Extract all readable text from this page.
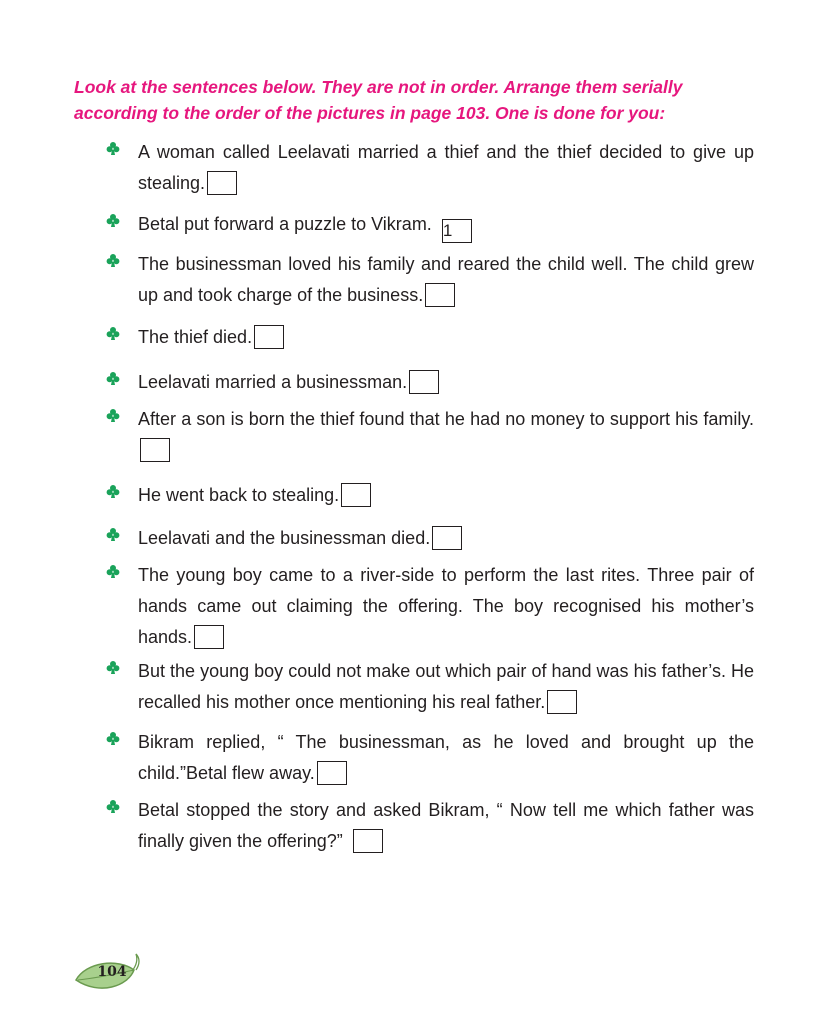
Look at the sentences below. They are not in order. Arrange them serially according to the order of the pictures in page 103. One is done for you:

A woman called Leelavati married a thief and the thief decided to give up stealing.
Betal put forward a puzzle to Vikram. 1
The businessman loved his family and reared the child well. The child grew up and took charge of the business.
The thief died.
Leelavati married a businessman.
After a son is born the thief found that he had no money to support his family.
He went back to stealing.
Leelavati and the businessman died.
The young boy came to a river-side to perform the last rites. Three pair of hands came out claiming the offering. The boy recognised his mother’s hands.
But the young boy could not make out which pair of hand was his father’s. He recalled his mother once mentioning his real father.
Bikram replied, “ The businessman, as he loved and brought up the child.”Betal flew away.
Betal stopped the story and asked Bikram, “ Now tell me which father was finally given the offering?”
104
